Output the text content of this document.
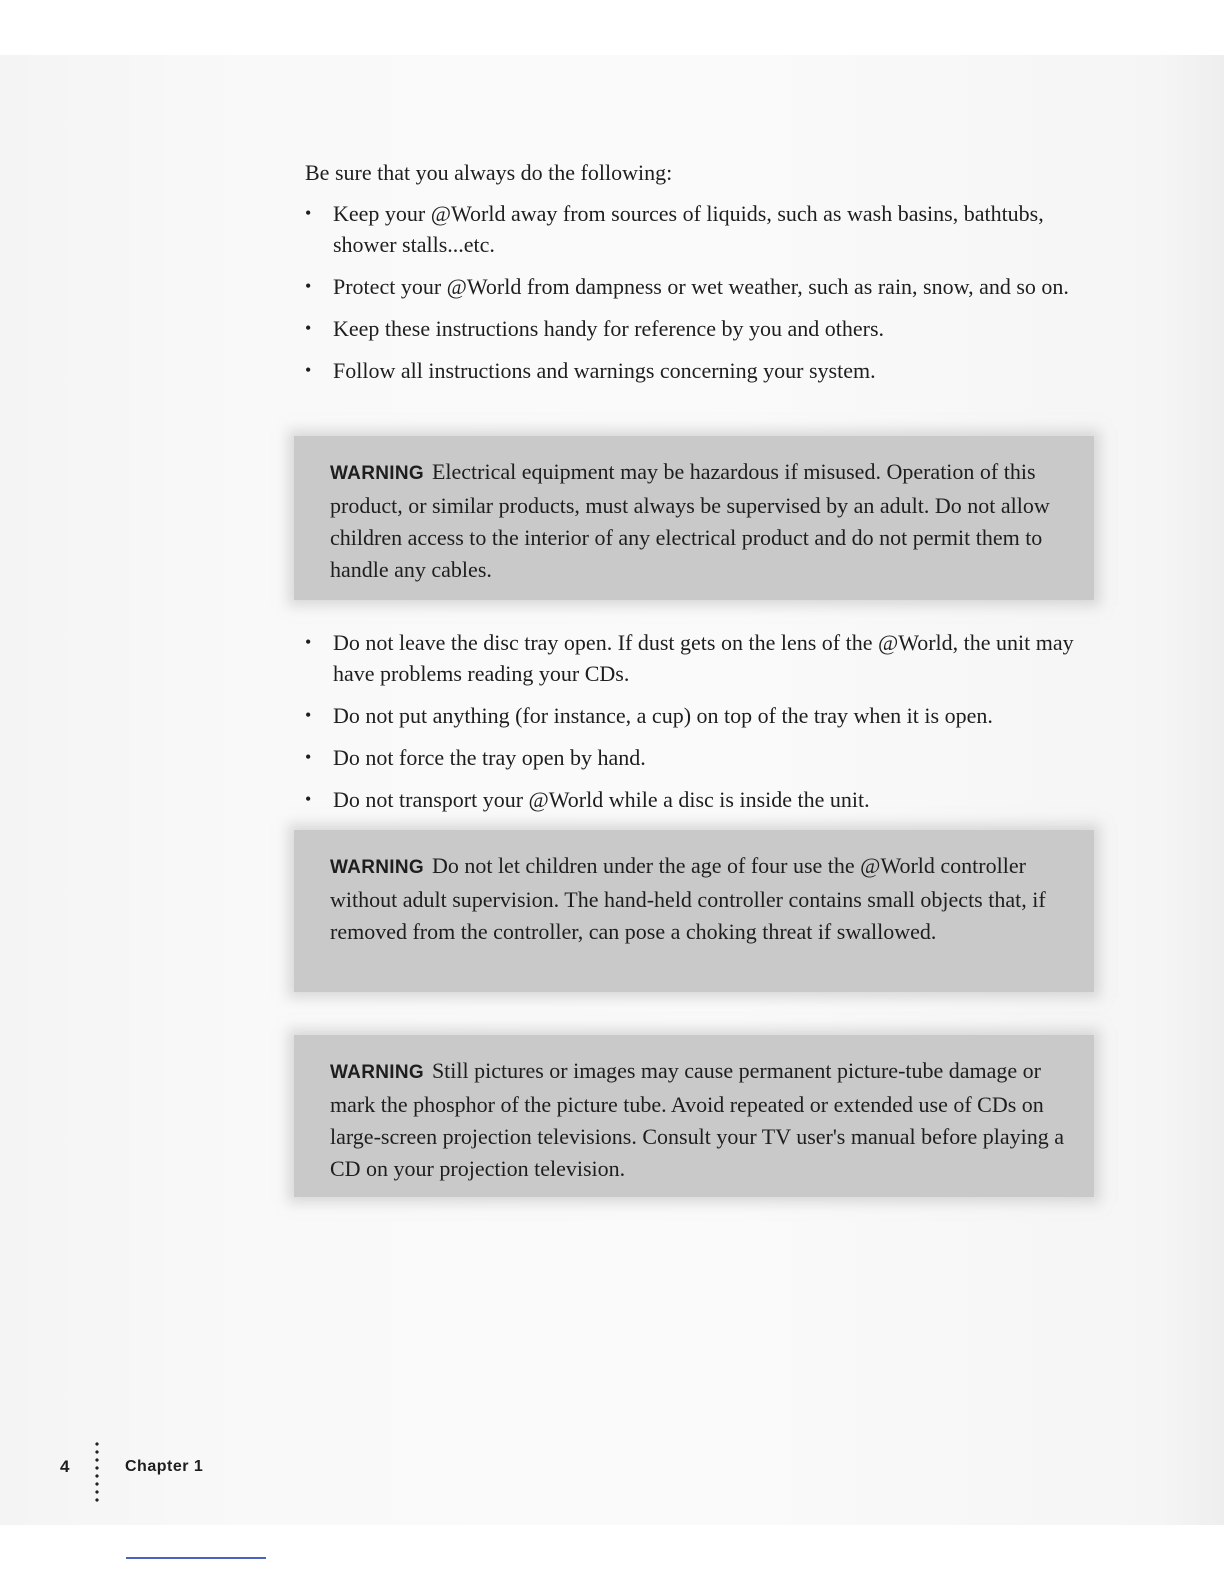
Be sure that you always do the following:

• Keep your @World away from sources of liquids, such as wash basins, bathtubs, shower stalls...etc.
• Protect your @World from dampness or wet weather, such as rain, snow, and so on.
• Keep these instructions handy for reference by you and others.
• Follow all instructions and warnings concerning your system.
WARNING Electrical equipment may be hazardous if misused. Operation of this product, or similar products, must always be supervised by an adult. Do not allow children access to the interior of any electrical product and do not permit them to handle any cables.
• Do not leave the disc tray open. If dust gets on the lens of the @World, the unit may have problems reading your CDs.
• Do not put anything (for instance, a cup) on top of the tray when it is open.
• Do not force the tray open by hand.
• Do not transport your @World while a disc is inside the unit.
WARNING Do not let children under the age of four use the @World controller without adult supervision. The hand-held controller contains small objects that, if removed from the controller, can pose a choking threat if swallowed.
WARNING Still pictures or images may cause permanent picture-tube damage or mark the phosphor of the picture tube. Avoid repeated or extended use of CDs on large-screen projection televisions. Consult your TV user's manual before playing a CD on your projection television.
4	Chapter 1
